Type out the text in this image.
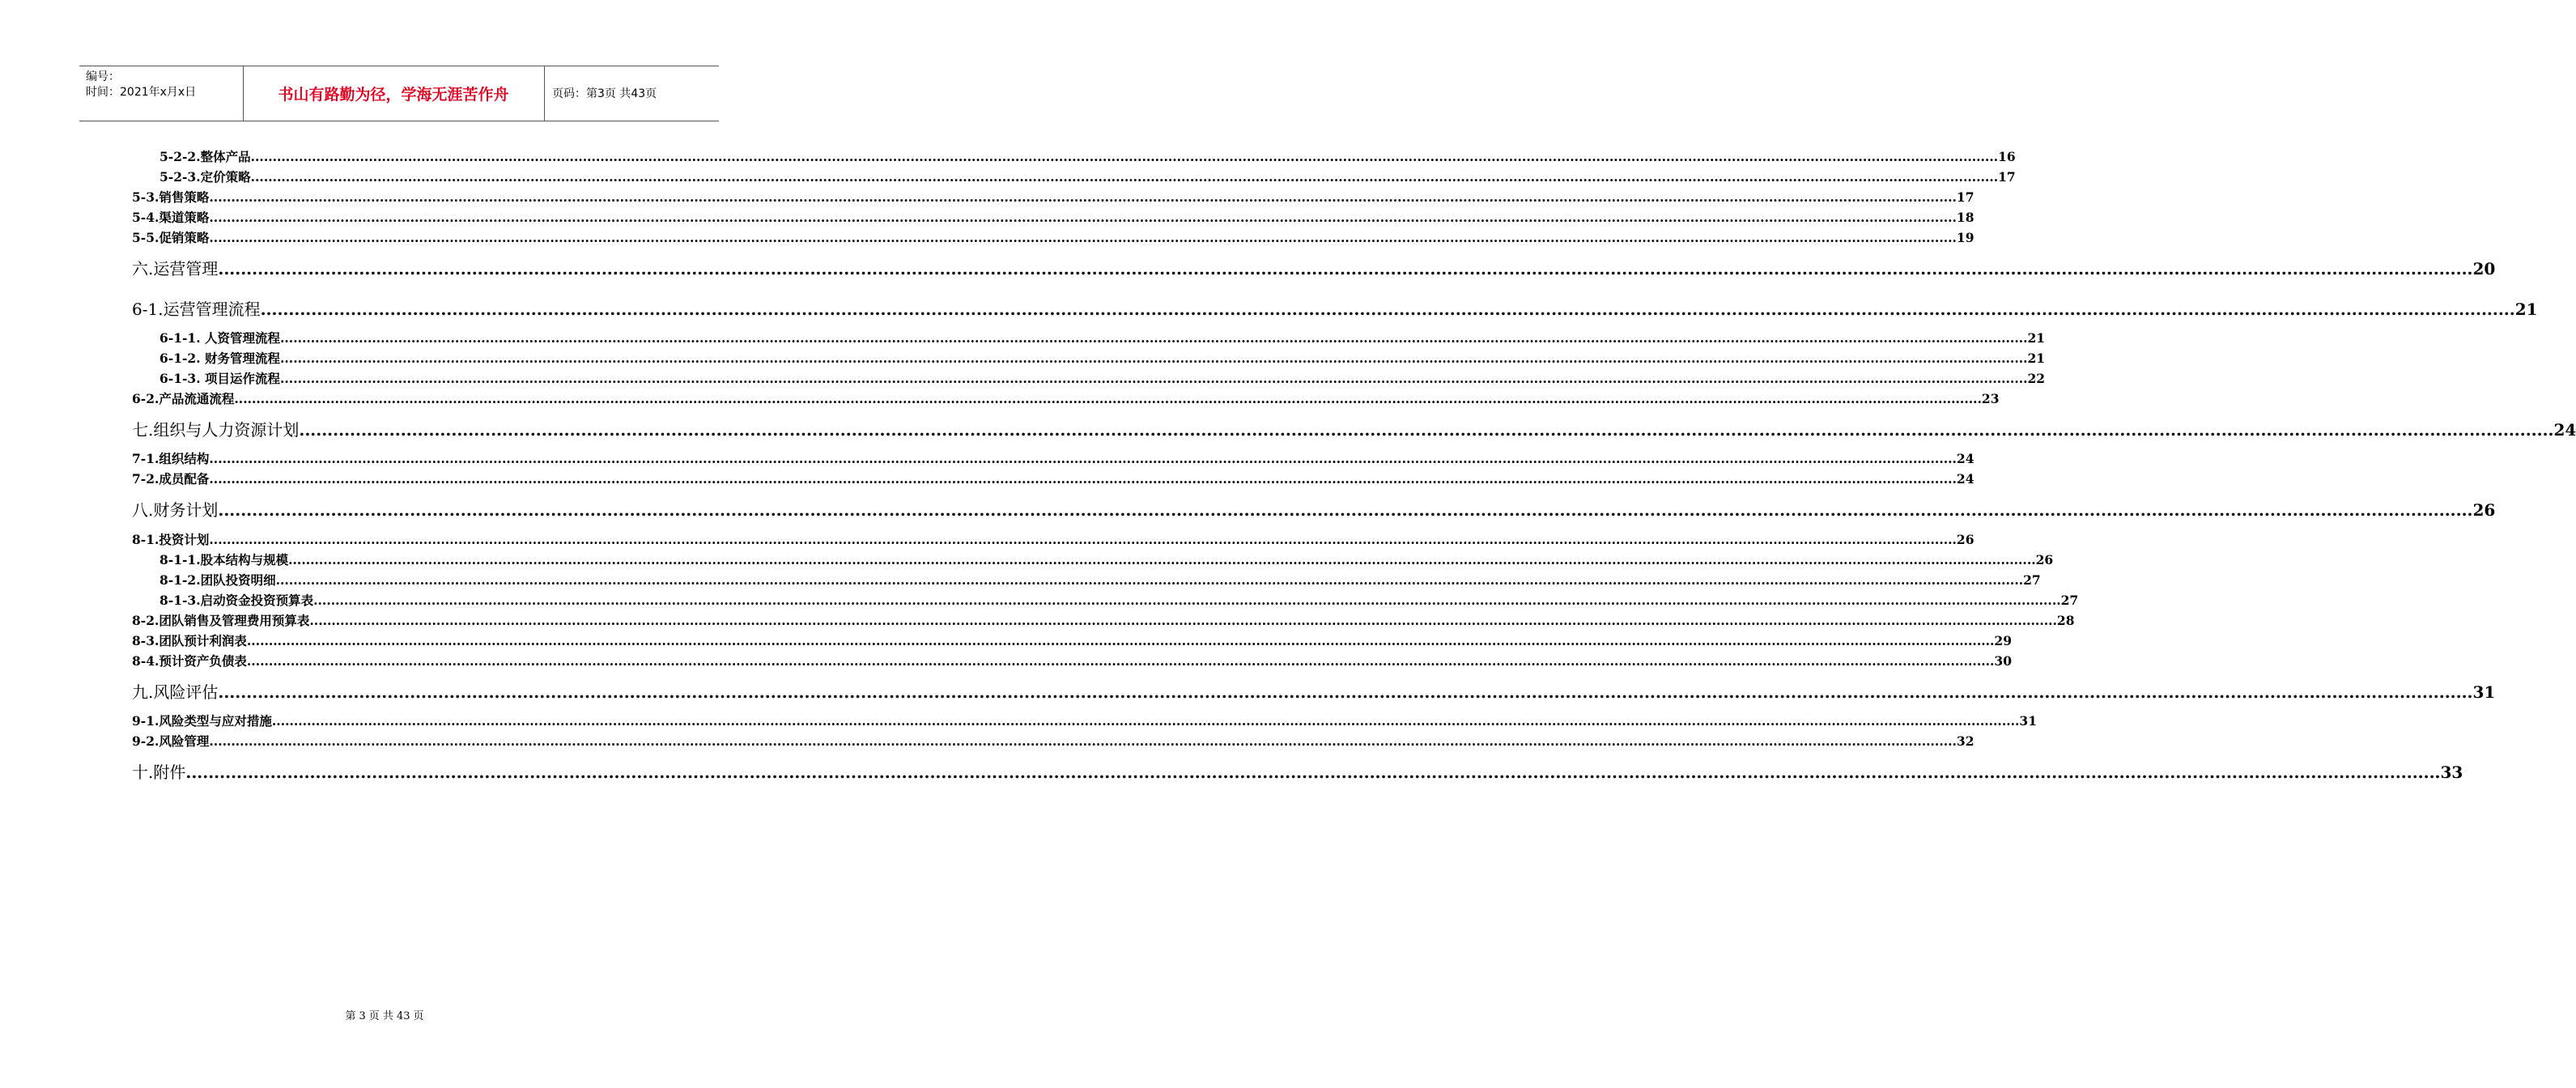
编号：
时间：2021年x月x日	书山有路勤为径，学海无涯苦作舟	页码：第3页 共43页
5-2-2.整体产品 ................................................................................................................................................................................................................................................................................................................................................................................................................ 16
5-2-3.定价策略 ................................................................................................................................................................................................................................................................................................................................................................................................................ 17
5-3.销售策略 ................................................................................................................................................................................................................................................................................................................................................................................................................ 17
5-4.渠道策略 ................................................................................................................................................................................................................................................................................................................................................................................................................ 18
5-5.促销策略 ................................................................................................................................................................................................................................................................................................................................................................................................................ 19
六.运营管理 ................................................................................................................................................................................................................................................................................................................................................................................................................ 20
6-1.运营管理流程 ................................................................................................................................................................................................................................................................................................................................................................................................................ 21
6-1-1. 人资管理流程 ................................................................................................................................................................................................................................................................................................................................................................................................................ 21
6-1-2. 财务管理流程 ................................................................................................................................................................................................................................................................................................................................................................................................................ 21
6-1-3. 项目运作流程 ................................................................................................................................................................................................................................................................................................................................................................................................................ 22
6-2.产品流通流程 ................................................................................................................................................................................................................................................................................................................................................................................................................ 23
七.组织与人力资源计划 ................................................................................................................................................................................................................................................................................................................................................................................................................ 24
7-1.组织结构 ................................................................................................................................................................................................................................................................................................................................................................................................................ 24
7-2.成员配备 ................................................................................................................................................................................................................................................................................................................................................................................................................ 24
八.财务计划 ................................................................................................................................................................................................................................................................................................................................................................................................................ 26
8-1.投资计划 ................................................................................................................................................................................................................................................................................................................................................................................................................ 26
8-1-1.股本结构与规模 ................................................................................................................................................................................................................................................................................................................................................................................................................ 26
8-1-2.团队投资明细 ................................................................................................................................................................................................................................................................................................................................................................................................................ 27
8-1-3.启动资金投资预算表 ................................................................................................................................................................................................................................................................................................................................................................................................................ 27
8-2.团队销售及管理费用预算表 ................................................................................................................................................................................................................................................................................................................................................................................................................ 28
8-3.团队预计利润表 ................................................................................................................................................................................................................................................................................................................................................................................................................ 29
8-4.预计资产负债表 ................................................................................................................................................................................................................................................................................................................................................................................................................ 30
九.风险评估 ................................................................................................................................................................................................................................................................................................................................................................................................................ 31
9-1.风险类型与应对措施 ................................................................................................................................................................................................................................................................................................................................................................................................................ 31
9-2.风险管理 ................................................................................................................................................................................................................................................................................................................................................................................................................ 32
十.附件 ................................................................................................................................................................................................................................................................................................................................................................................................................ 33
第 3 页 共 43 页
